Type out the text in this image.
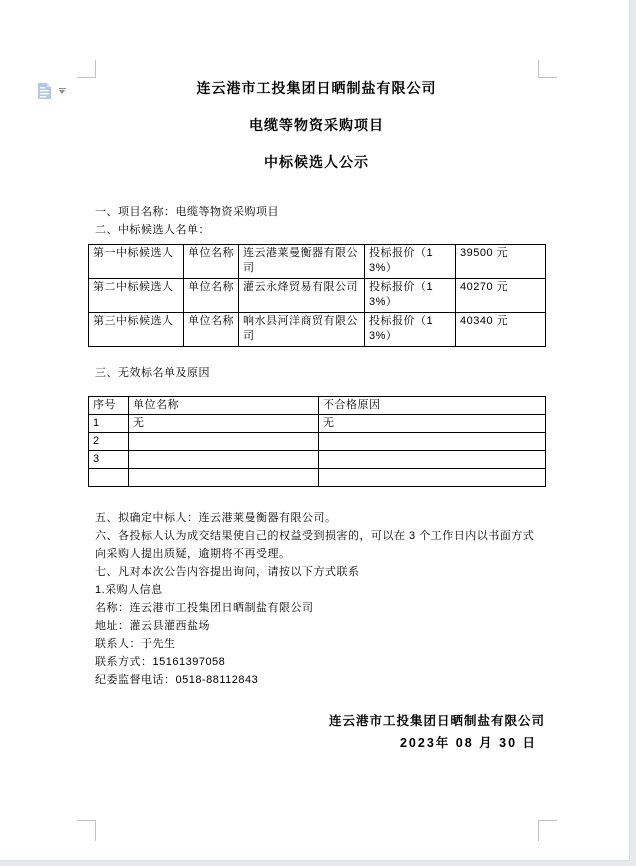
连云港市工投集团日晒制盐有限公司
电缆等物资采购项目
中标候选人公示
一、项目名称：电缆等物资采购项目
二、中标候选人名单：
第一中标候选人	单位名称	连云港莱曼衡器有限公司	投标报价（13%）	39500 元
第二中标候选人	单位名称	灌云永烽贸易有限公司	投标报价（13%）	40270 元
第三中标候选人	单位名称	响水县河洋商贸有限公司	投标报价（13%）	40340 元
三、无效标名单及原因
序号	单位名称	不合格原因
1	无	无
2		
3		

五、拟确定中标人：连云港莱曼衡器有限公司。
六、各投标人认为成交结果使自己的权益受到损害的，可以在 3 个工作日内以书面方式向采购人提出质疑，逾期将不再受理。
七、凡对本次公告内容提出询问，请按以下方式联系
1.采购人信息
名称：连云港市工投集团日晒制盐有限公司
地址：灌云县灌西盐场
联系人：于先生
联系方式：15161397058
纪委监督电话：0518-88112843
连云港市工投集团日晒制盐有限公司
2023年 08 月 30 日
